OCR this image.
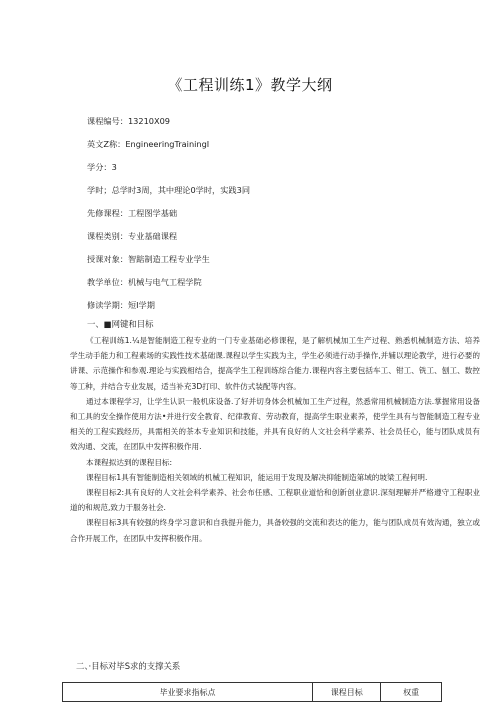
《工程训练1》教学大纲
课程编号：13210X09
英文Z称：EngineeringTrainingI
学分：3
学时；总学时3周，其中理论0学时，实践3同
先修课程：工程图学基础
课程类别：专业基础课程
授课对象：智踮制造工程专业学生
教学单位：机械与电气工程学院
修读学期：短I学期
一、■网键和目标

《工程训练1.¼是智能制造工程专业的一门专业基础必修课程，是了解机械加工生产过程、熟悉机械制造方法、培养学生动手能力和工程素场的实践性技术基础课.课程以学生实践为主，学生必须进行动手操作,并辅以理论教学，进行必要的讲课、示范操作和参观.理论与实践相结合，提高学生工程训练综合能力.课程内容主要包括车工、钳工、铣工、刨工、数控等工种，并结合专业发展，适当补充3D打印、软件仿式装配等内容。

通过本课程学习，让学生认识一般机床设备.了好并切身体会机械加工生产过程，然悉常用机械制造方法.掌握常用设备和工具的安全操作使用方法•并进行安全教育、纪律教育、劳动教育，提高学生职业素养，使学生具有与智能制造工程专业相关的工程实践经历，具需相关的茶本专业知识和技能，并具有良好的人文社会科学素养、社会员任心，能与团队成员有效沟通、交流，在团队中发挥积极作用.

本课程拟达到的课程目标:

课程目标1具有智能制造相关领域的机械工程知识，能运用于发现及解决抑能制造第域的坡梁工程何明.

课程目标2:具有良好的人文社会科学素养、社会布任感、工程职业道恰和创新创业意识.深刻理解并严格遵守工程职业道的和规范,致力于服务社会.

课程目标3具有较强的终身学习意识和自我提升能力，具备较强的交流和表达的能力，能与团队成员有效沟通，独立或合作开展工作，在团队中发挥积极作用。

二、·目标对毕S求的支撑关系
毕业要求指标点	课程目标	权重
